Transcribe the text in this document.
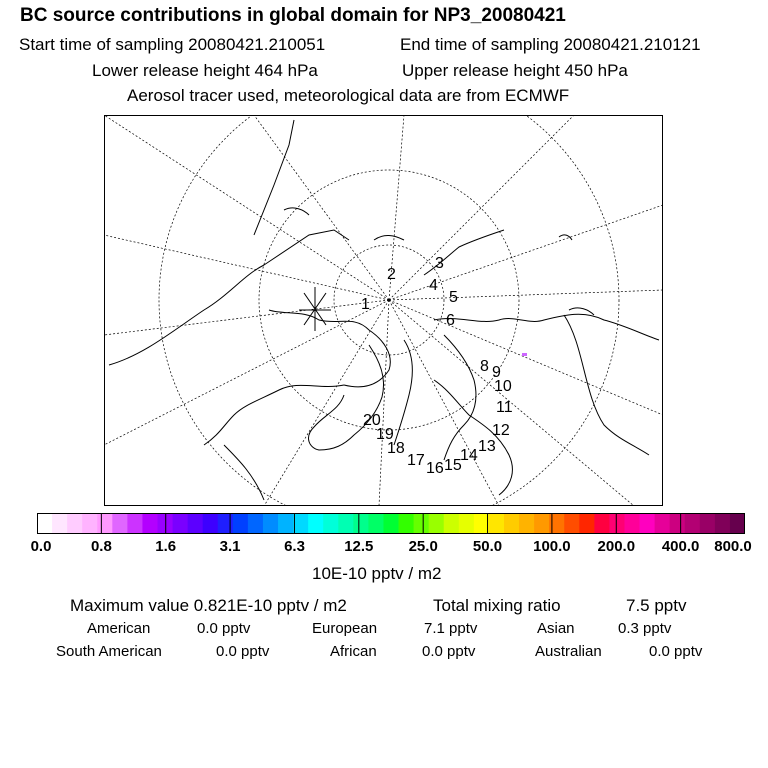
BC source contributions in global domain for NP3_20080421
Start time of sampling 20080421.210051	End time of sampling 20080421.210121
Lower release height 464 hPa	Upper release height 450 hPa
Aerosol tracer used, meteorological data are from ECMWF
1
2
3
4
5
6
8 9
10
11
12
13
14
15
16
17
18
19
20
0.0	0.8	1.6	3.1	6.3	12.5 25.0 50.0 100.0 200.0 400.0 800.0
10E-10 pptv / m2
Maximum value 0.821E-10 pptv / m2	Total mixing ratio	7.5 pptv
American	0.0 pptv	European	7.1 pptv	Asian	0.3 pptv
South American	0.0 pptv	African	0.0 pptv	Australian	0.0 pptv
